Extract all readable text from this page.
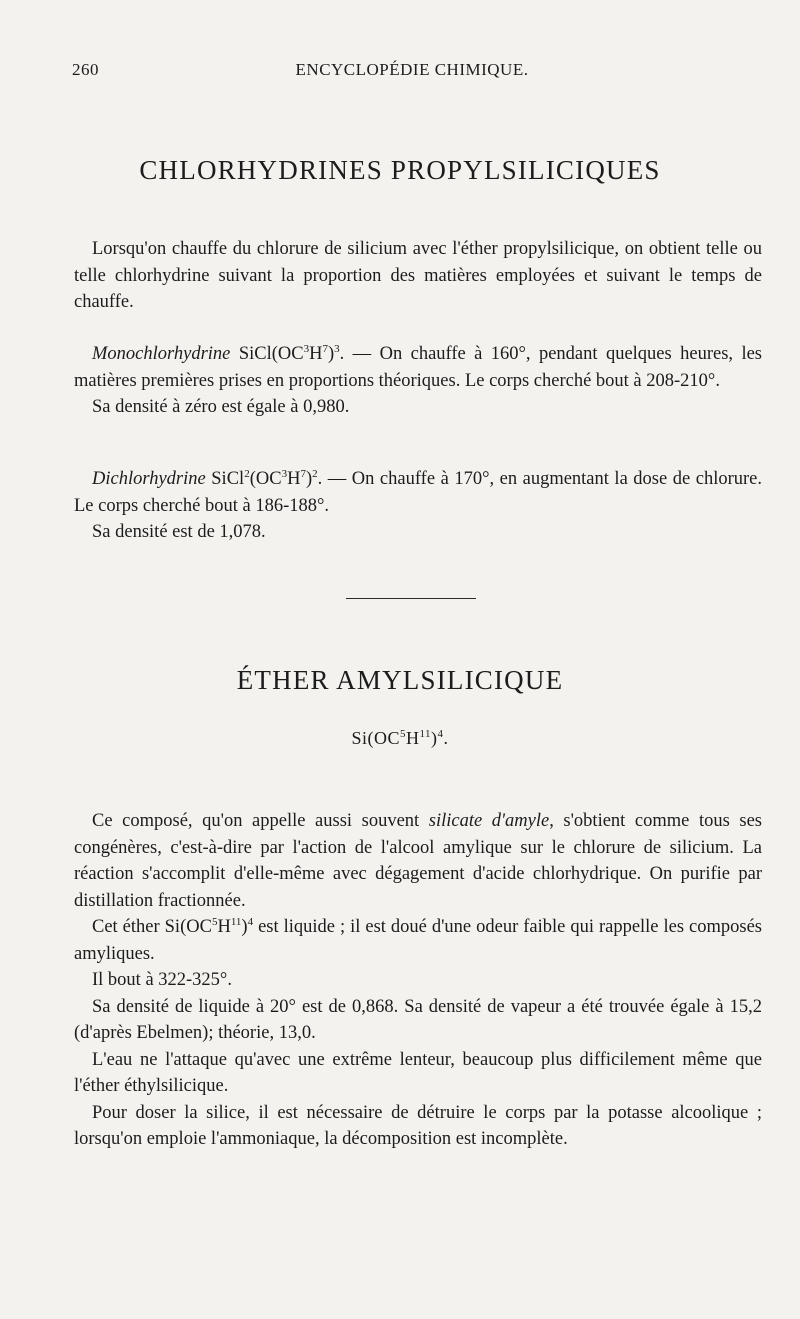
260	ENCYCLOPÉDIE CHIMIQUE.
CHLORHYDRINES PROPYLSILICIQUES

Lorsqu'on chauffe du chlorure de silicium avec l'éther propylsilicique, on obtient telle ou telle chlorhydrine suivant la proportion des matières employées et suivant le temps de chauffe.

Monochlorhydrine $SiCl(OC^3H^7)^3$. — On chauffe à 160°, pendant quelques heures, les matières premières prises en proportions théoriques. Le corps cherché bout à 208-210°.

Sa densité à zéro est égale à 0,980.

Dichlorhydrine $SiCl^2(OC^3H^7)^2$. — On chauffe à 170°, en augmentant la dose de chlorure. Le corps cherché bout à 186-188°.

Sa densité est de 1,078.

ÉTHER AMYLSILICIQUE
$Si(OC^5H^{11})^4$.

Ce composé, qu'on appelle aussi souvent silicate d'amyle, s'obtient comme tous ses congénères, c'est-à-dire par l'action de l'alcool amylique sur le chlorure de silicium. La réaction s'accomplit d'elle-même avec dégagement d'acide chlorhydrique. On purifie par distillation fractionnée.

Cet éther $Si(OC^5H^{11})^4$ est liquide ; il est doué d'une odeur faible qui rappelle les composés amyliques.

Il bout à 322-325°.

Sa densité de liquide à 20° est de 0,868. Sa densité de vapeur a été trouvée égale à 15,2 (d'après Ebelmen); théorie, 13,0.

L'eau ne l'attaque qu'avec une extrême lenteur, beaucoup plus difficilement même que l'éther éthylsilicique.

Pour doser la silice, il est nécessaire de détruire le corps par la potasse alcoolique ; lorsqu'on emploie l'ammoniaque, la décomposition est incomplète.
